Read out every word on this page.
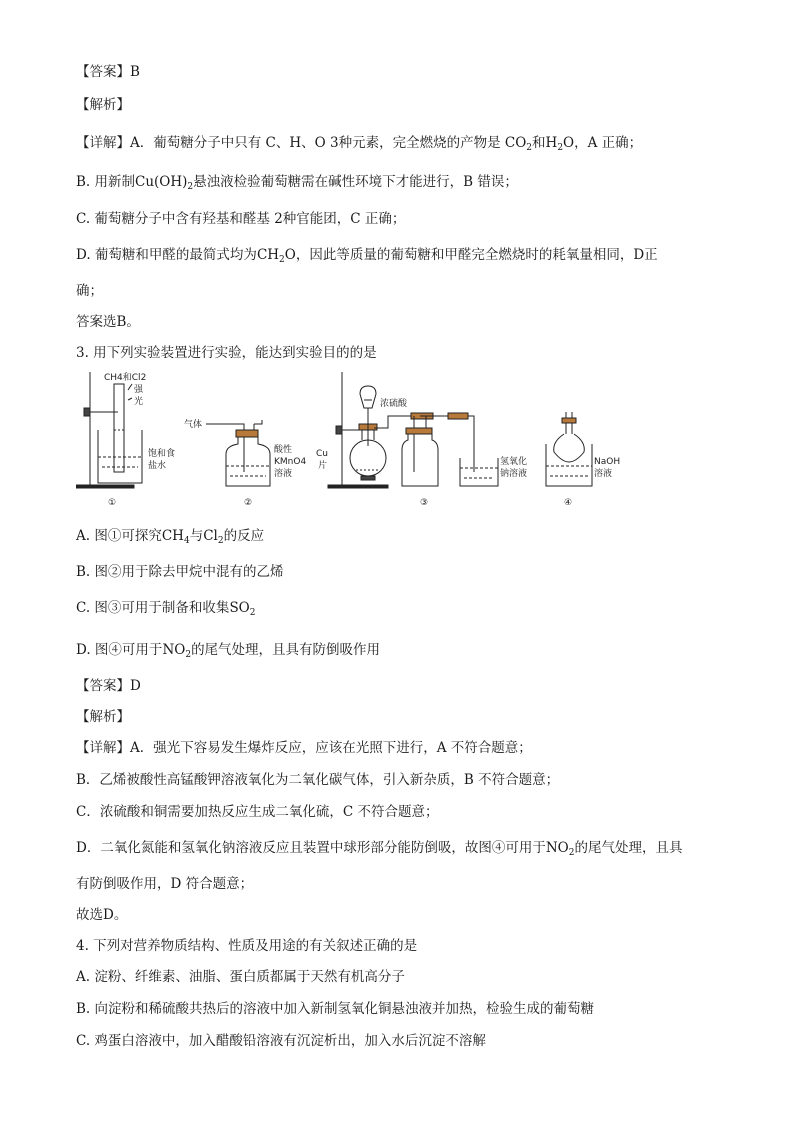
【答案】B
【解析】
【详解】A．葡萄糖分子中只有 C、H、O 3种元素，完全燃烧的产物是 $CO_2$和$H_2O$，A 正确；
B. 用新制$Cu(OH)_2$悬浊液检验葡萄糖需在碱性环境下才能进行，B 错误；
C. 葡萄糖分子中含有羟基和醛基 2种官能团，C 正确；
D. 葡萄糖和甲醛的最简式均为$CH_2O$，因此等质量的葡萄糖和甲醛完全燃烧时的耗氧量相同，D正
确；
答案选B。
3. 用下列实验装置进行实验，能达到实验目的的是
CH4和Cl2
强
光
饱和食
盐水
①
气体
酸性
KMnO4
溶液
②
浓硫酸
Cu
片	氢氧化
钠溶液
③
NaOH
溶液
④
A. 图①可探究$CH_4$与$Cl_2$的反应
B. 图②用于除去甲烷中混有的乙烯
C. 图③可用于制备和收集$SO_2$
D. 图④可用于$NO_2$的尾气处理，且具有防倒吸作用
【答案】D
【解析】
【详解】A．强光下容易发生爆炸反应，应该在光照下进行，A 不符合题意；
B．乙烯被酸性高锰酸钾溶液氧化为二氧化碳气体，引入新杂质，B 不符合题意；
C．浓硫酸和铜需要加热反应生成二氧化硫，C 不符合题意；
D．二氧化氮能和氢氧化钠溶液反应且装置中球形部分能防倒吸，故图④可用于$NO_2$的尾气处理，且具
有防倒吸作用，D 符合题意；
故选D。
4. 下列对营养物质结构、性质及用途的有关叙述正确的是
A. 淀粉、纤维素、油脂、蛋白质都属于天然有机高分子
B. 向淀粉和稀硫酸共热后的溶液中加入新制氢氧化铜悬浊液并加热，检验生成的葡萄糖
C. 鸡蛋白溶液中，加入醋酸铅溶液有沉淀析出，加入水后沉淀不溶解
